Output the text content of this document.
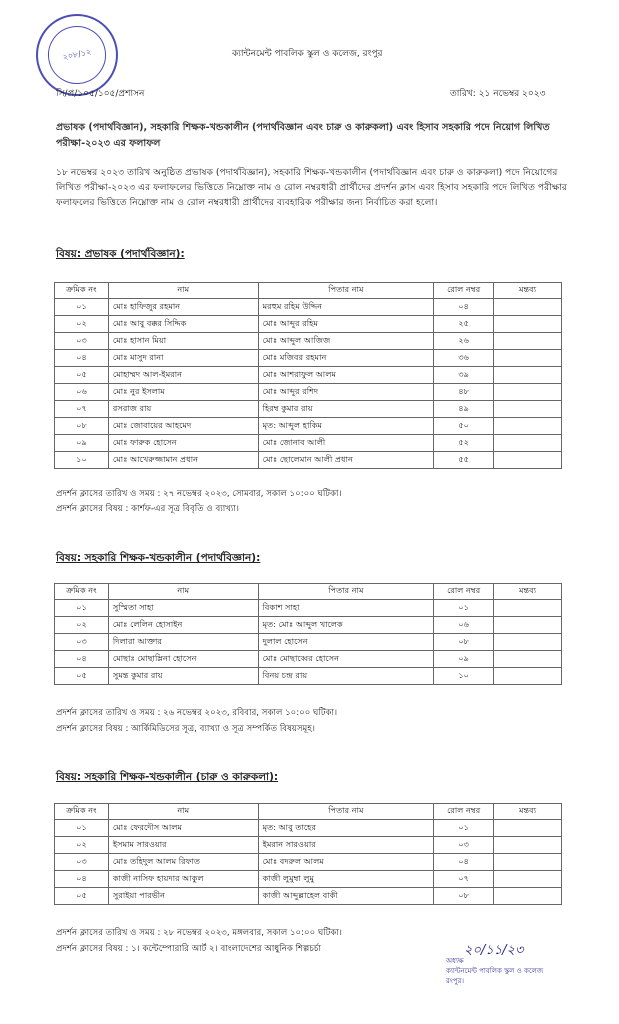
২০৮/১২	ক্যান্টনমেন্ট পাবলিক স্কুল ও কলেজ, রংপুর
সি/প্র/১০৫/১০৫/প্রশাসন	তারিখ: ২১ নভেম্বর ২০২৩
প্রভাষক (পদার্থবিজ্ঞান), সহকারি শিক্ষক-খন্ডকালীন (পদার্থবিজ্ঞান এবং চারু ও কারুকলা) এবং হিসাব সহকারি পদে নিয়োগ লিখিত পরীক্ষা-২০২৩ এর ফলাফল
১৮ নভেম্বর ২০২৩ তারিখ অনুষ্ঠিত প্রভাষক (পদার্থবিজ্ঞান), সহকারি শিক্ষক-খন্ডকালীন (পদার্থবিজ্ঞান এবং চারু ও কারুকলা) পদে নিয়োগের লিখিত পরীক্ষা-২০২৩ এর ফলাফলের ভিত্তিতে নিম্নোক্ত নাম ও রোল নম্বরধারী প্রার্থীদের প্রদর্শন ক্লাস এবং হিসাব সহকারি পদে লিখিত পরীক্ষার ফলাফলের ভিত্তিতে নিম্নোক্ত নাম ও রোল নম্বরধারী প্রার্থীদের ব্যবহারিক পরীক্ষার জন্য নির্বাচিত করা হলো।
বিষয়: প্রভাষক (পদার্থবিজ্ঞান):
ক্রমিক নং	নাম	পিতার নাম	রোল নম্বর	মন্তব্য
০১	মোঃ হাফিজুর রহমান	মরহুম রহিম উদ্দিন	০৪	
০২	মোঃ আবু বক্কর সিদ্দিক	মোঃ আব্দুর রহিম	২৫	
০৩	মোঃ হাসান মিয়া	মোঃ আব্দুল আজিজ	২৬	
০৪	মোঃ মাসুদ রানা	মোঃ মজিবর রহমান	৩৬	
০৫	মোহাম্মদ আল-ইমরান	মোঃ আশরাফুল আলম	৩৯	
০৬	মোঃ নুর ইসলাম	মোঃ আব্দুর রশিদ	৪৮	
০৭	রসরাজ রায়	হিরম্ব কুমার রায়	৪৯	
০৮	মোঃ জোবায়ের আহমেদ	মৃত: আব্দুল হাকিম	৫০	
০৯	মোঃ ফারুক হোসেন	মোঃ জোনাব আলী	৫২	
১০	মোঃ আখেরুজ্জামান প্রধান	মোঃ ছোলেমান আলী প্রধান	৫৫	
প্রদর্শন ক্লাসের তারিখ ও সময় : ২৭ নভেম্বর ২০২৩, সোমবার, সকাল ১০:০০ ঘটিকা।
প্রদর্শন ক্লাসের বিষয় : কার্শফ-এর সূত্র বিবৃতি ও ব্যাখ্যা।
বিষয়: সহকারি শিক্ষক-খন্ডকালীন (পদার্থবিজ্ঞান):
ক্রমিক নং	নাম	পিতার নাম	রোল নম্বর	মন্তব্য
০১	সুস্মিতা সাহা	বিকাশ সাহা	০১	
০২	মোঃ লেলিন হোসাইন	মৃত: মোঃ আব্দুল খালেক	০৬	
০৩	দিলারা আক্তার	দুলাল হোসেন	০৮	
০৪	মোছাঃ মোছাম্লিনা হোসেন	মোঃ মোছাব্বের হোসেন	০৯	
০৫	সুমন্ত কুমার রায়	বিনয় চন্দ্র রায়	১০	
প্রদর্শন ক্লাসের তারিখ ও সময় : ২৬ নভেম্বর ২০২৩, রবিবার, সকাল ১০:০০ ঘটিকা।
প্রদর্শন ক্লাসের বিষয় : আর্কিমিডিসের সূত্র, ব্যাখ্যা ও সূত্র সম্পর্কিত বিষয়সমূহ।
বিষয়: সহকারি শিক্ষক-খন্ডকালীন (চারু ও কারুকলা):
ক্রমিক নং	নাম	পিতার নাম	রোল নম্বর	মন্তব্য
০১	মোঃ ফেরদৌস আলম	মৃত: আবু তাহের	০১	
০২	ইসমাম সারওয়ার	ইমরান সারওয়ার	০৩	
০৩	মোঃ তহিদুল আলম রিফাত	মোঃ বদরুল আলম	০৪	
০৪	কাজী নাসিফ হায়দার আকুল	কাজী লুমুম্বা লুমু	০৭	
০৫	সুরাইয়া পারভীন	কাজী আব্দুল্লাহেল বাকী	০৮	
প্রদর্শন ক্লাসের তারিখ ও সময় : ২৮ নভেম্বর ২০২৩, মঙ্গলবার, সকাল ১০:০০ ঘটিকা।
প্রদর্শন ক্লাসের বিষয় : ১। কন্টেম্পোরারি আর্ট ২। বাংলাদেশের আধুনিক শিল্পচর্চা	২০/১১/২৩
অধ্যক্ষ
ক্যান্টনমেন্ট পাবলিক স্কুল ও কলেজ
রংপুর।
